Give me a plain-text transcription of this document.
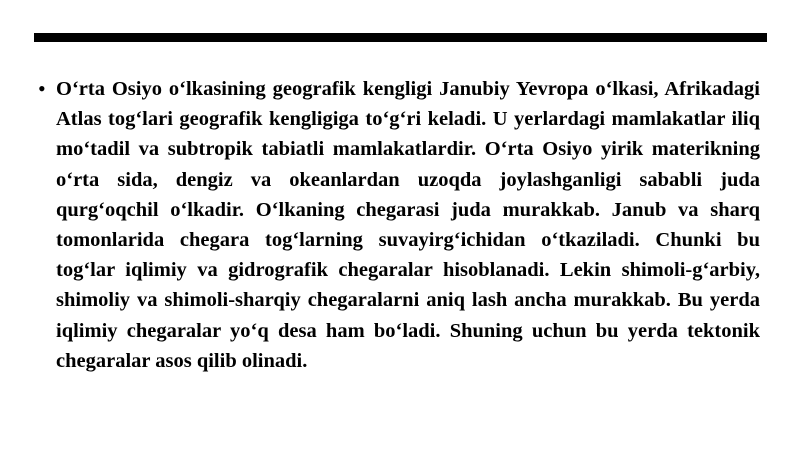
• O‘rta Osiyo o‘lkasining geografik kengligi Janubiy Yevropa o‘lkasi, Afrikadagi Atlas tog‘lari geografik kengligiga to‘g‘ri keladi. U yerlardagi mamlakatlar iliq mo‘tadil va subtropik tabiatli mamlakatlardir. O‘rta Osiyo yirik materikning o‘rta sida, dengiz va okeanlardan uzoqda joylashganligi sababli juda qurg‘oqchil o‘lkadir. O‘lkaning chegarasi juda murakkab. Janub va sharq tomonlarida chegara tog‘larning suvayirg‘ichidan o‘tkaziladi. Chunki bu tog‘lar iqlimiy va gidrografik chegaralar hisoblanadi. Lekin shimoli-g‘arbiy, shimoliy va shimoli-sharqiy chegaralarni aniq lash ancha murakkab. Bu yerda iqlimiy chegaralar yo‘q desa ham bo‘ladi. Shuning uchun bu yerda tektonik chegaralar asos qilib olinadi.
